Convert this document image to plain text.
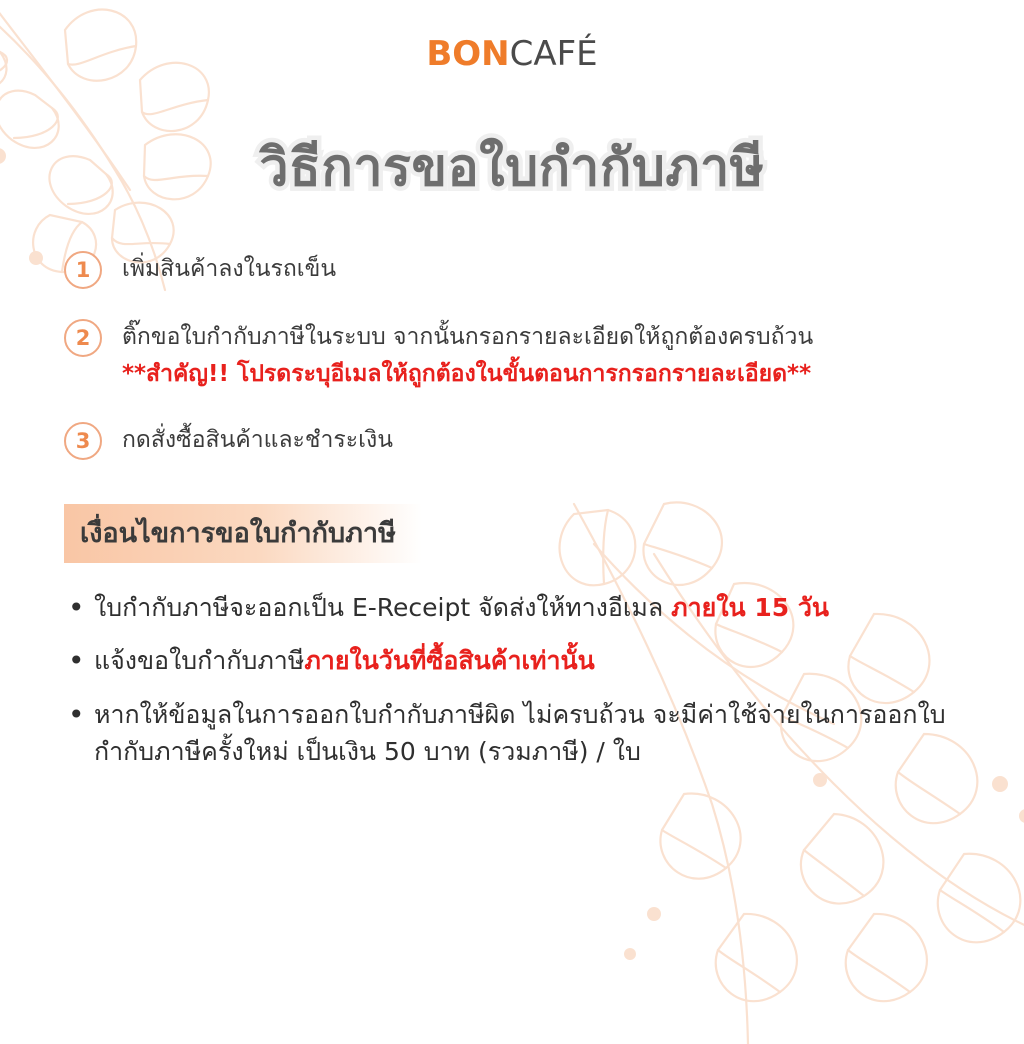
BONCAFÉ
วิธีการขอใบกำกับภาษี
1	เพิ่มสินค้าลงในรถเข็น
2	ติ๊กขอใบกำกับภาษีในระบบ จากนั้นกรอกรายละเอียดให้ถูกต้องครบถ้วน
**สำคัญ!! โปรดระบุอีเมลให้ถูกต้องในขั้นตอนการกรอกรายละเอียด**
3	กดสั่งซื้อสินค้าและชำระเงิน
เงื่อนไขการขอใบกำกับภาษี
• ใบกำกับภาษีจะออกเป็น E-Receipt จัดส่งให้ทางอีเมล ภายใน 15 วัน
• แจ้งขอใบกำกับภาษีภายในวันที่ซื้อสินค้าเท่านั้น
• หากให้ข้อมูลในการออกใบกำกับภาษีผิด ไม่ครบถ้วน จะมีค่าใช้จ่ายในการออกใบกำกับภาษีครั้งใหม่ เป็นเงิน 50 บาท (รวมภาษี) / ใบ
